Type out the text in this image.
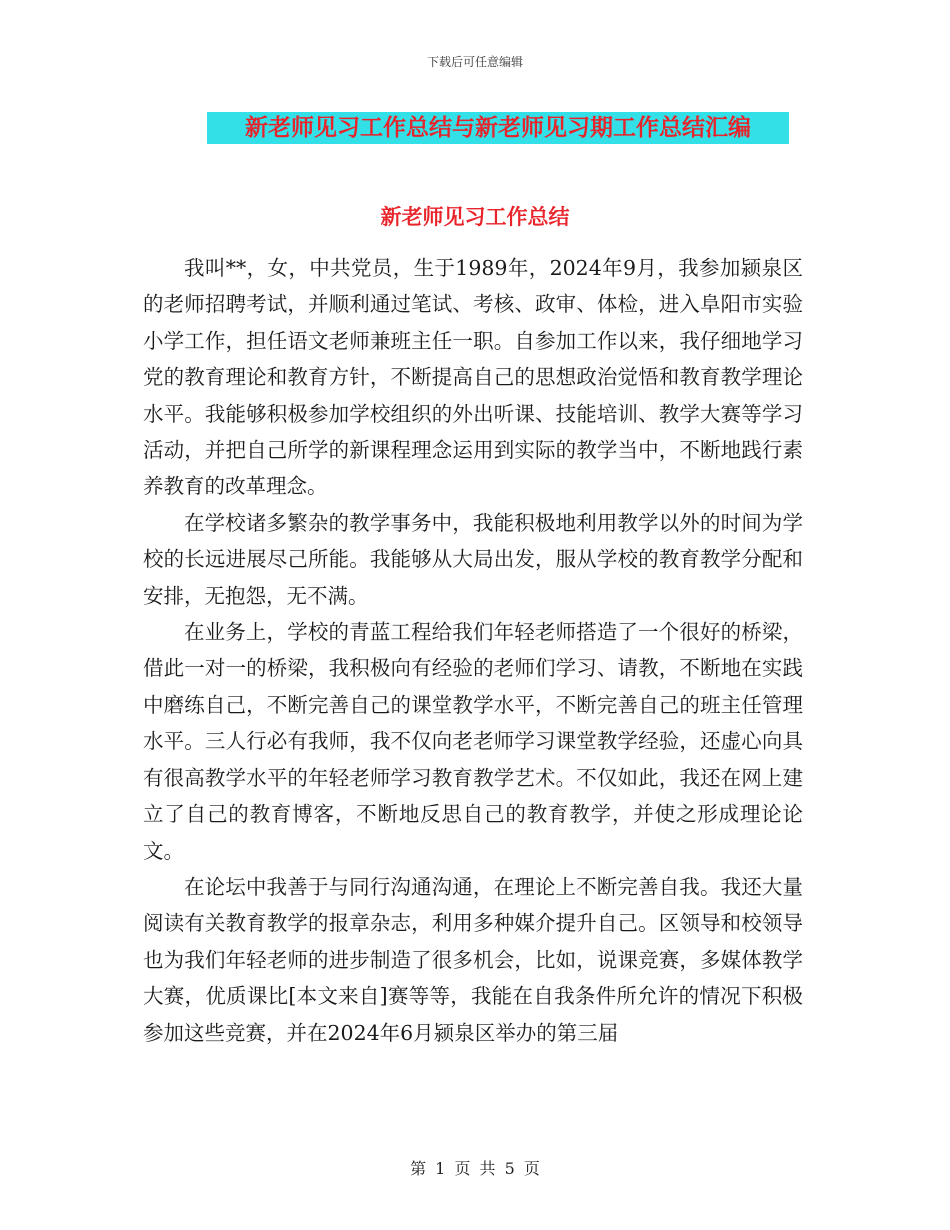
下载后可任意编辑
新老师见习工作总结与新老师见习期工作总结汇编
新老师见习工作总结

我叫**，女，中共党员，生于1989年，2024年9月，我参加颍泉区的老师招聘考试，并顺利通过笔试、考核、政审、体检，进入阜阳市实验小学工作，担任语文老师兼班主任一职。自参加工作以来，我仔细地学习党的教育理论和教育方针，不断提高自己的思想政治觉悟和教育教学理论水平。我能够积极参加学校组织的外出听课、技能培训、教学大赛等学习活动，并把自己所学的新课程理念运用到实际的教学当中，不断地践行素养教育的改革理念。

在学校诸多繁杂的教学事务中，我能积极地利用教学以外的时间为学校的长远进展尽己所能。我能够从大局出发，服从学校的教育教学分配和安排，无抱怨，无不满。

在业务上，学校的青蓝工程给我们年轻老师搭造了一个很好的桥梁，借此一对一的桥梁，我积极向有经验的老师们学习、请教，不断地在实践中磨练自己，不断完善自己的课堂教学水平，不断完善自己的班主任管理水平。三人行必有我师，我不仅向老老师学习课堂教学经验，还虚心向具有很高教学水平的年轻老师学习教育教学艺术。不仅如此，我还在网上建立了自己的教育博客，不断地反思自己的教育教学，并使之形成理论论文。

在论坛中我善于与同行沟通沟通，在理论上不断完善自我。我还大量阅读有关教育教学的报章杂志，利用多种媒介提升自己。区领导和校领导也为我们年轻老师的进步制造了很多机会，比如，说课竞赛，多媒体教学大赛，优质课比[本文来自]赛等等，我能在自我条件所允许的情况下积极参加这些竞赛，并在2024年6月颍泉区举办的第三届

第 1 页 共 5 页
